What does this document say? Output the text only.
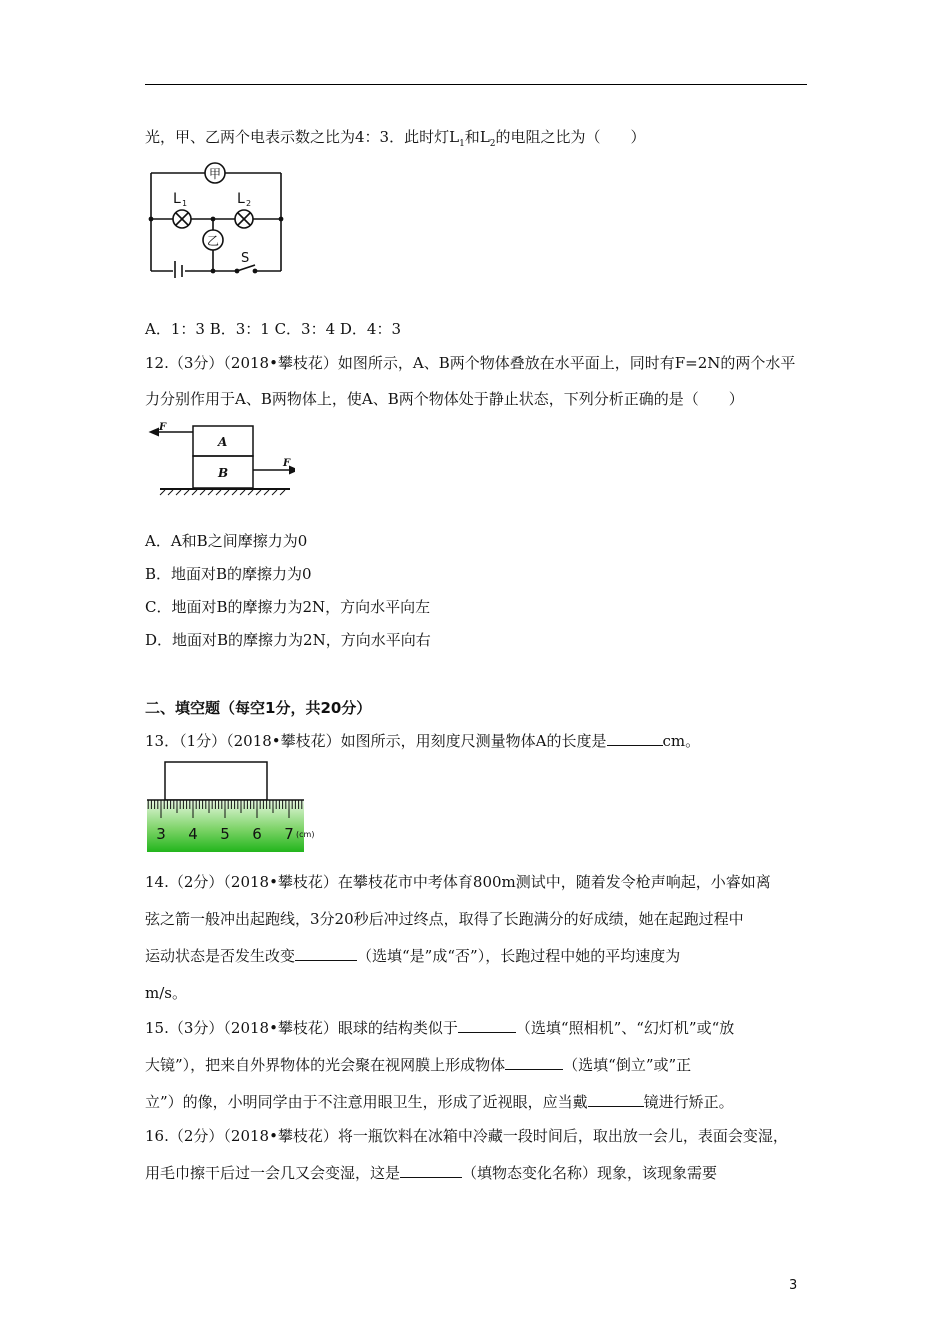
光，甲、乙两个电表示数之比为4：3．此时灯$L_1$和$L_2$的电阻之比为（　　）
甲
乙
L 1	L 2
S
A．1：3 B．3：1 C．3：4 D．4：3
12.（3分）（2018•攀枝花）如图所示，A、B两个物体叠放在水平面上，同时有F=2N的两个水平
力分别作用于A、B两物体上，使A、B两个物体处于静止状态，下列分析正确的是（　　）
A
B
F
F
A．A和B之间摩擦力为0
B．地面对B的摩擦力为0
C．地面对B的摩擦力为2N，方向水平向左
D．地面对B的摩擦力为2N，方向水平向右
二、填空题（每空1分，共20分）
13．（1分）（2018•攀枝花）如图所示，用刻度尺测量物体A的长度是	cm。
3 4 5 6 7 (cm)
14.（2分）（2018•攀枝花）在攀枝花市中考体育800m测试中，随着发令枪声响起，小睿如离
弦之箭一般冲出起跑线，3分20秒后冲过终点，取得了长跑满分的好成绩，她在起跑过程中
运动状态是否发生改变	（选填“是”成“否”），长跑过程中她的平均速度为
m/s。
15.（3分）（2018•攀枝花）眼球的结构类似于	（选填“照相机”、“幻灯机”或“放
大镜”），把来自外界物体的光会聚在视网膜上形成物体	（选填“倒立”或”正
立”）的像，小明同学由于不注意用眼卫生，形成了近视眼，应当戴	镜进行矫正。
16.（2分）（2018•攀枝花）将一瓶饮料在冰箱中冷藏一段时间后，取出放一会儿，表面会变湿，
用毛巾擦干后过一会几又会变湿，这是	（填物态变化名称）现象，该现象需要
3
